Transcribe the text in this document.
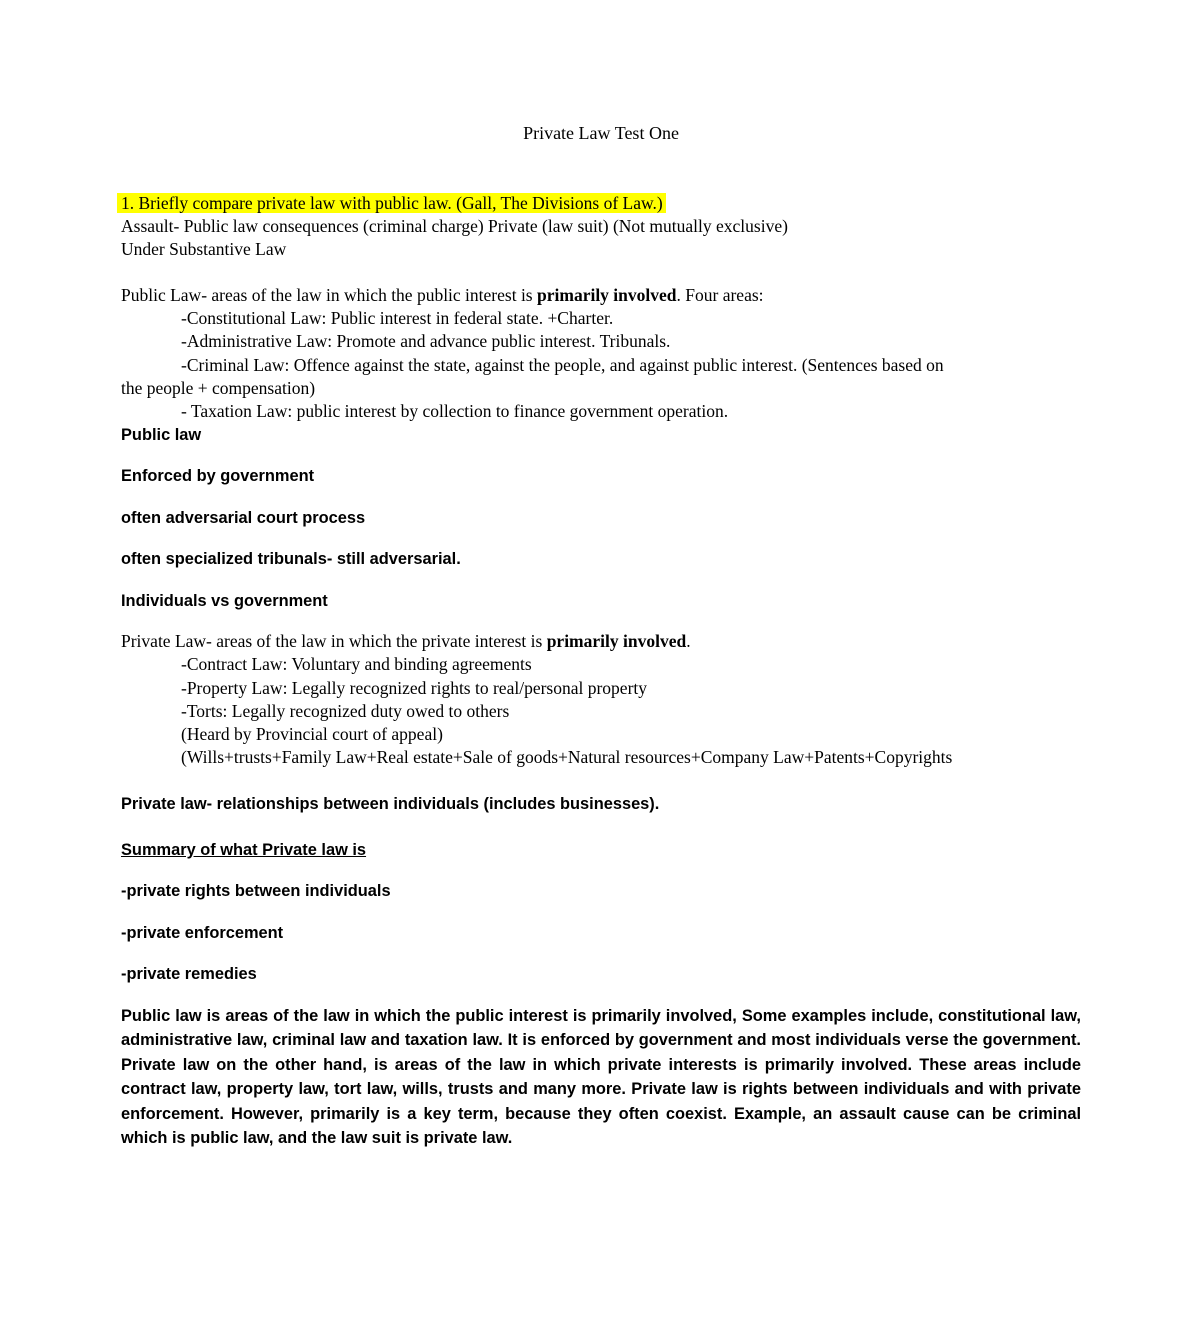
Private Law Test One
1. Briefly compare private law with public law. (Gall, The Divisions of Law.)
Assault- Public law consequences (criminal charge) Private (law suit) (Not mutually exclusive)
Under Substantive Law
Public Law- areas of the law in which the public interest is primarily involved. Four areas:
-Constitutional Law: Public interest in federal state. +Charter.
-Administrative Law: Promote and advance public interest. Tribunals.
-Criminal Law: Offence against the state, against the people, and against public interest. (Sentences based on
the people + compensation)
- Taxation Law: public interest by collection to finance government operation.
Public law
Enforced by government
often adversarial court process
often specialized tribunals- still adversarial.
Individuals vs government
Private Law- areas of the law in which the private interest is primarily involved.
-Contract Law: Voluntary and binding agreements
-Property Law: Legally recognized rights to real/personal property
-Torts: Legally recognized duty owed to others
(Heard by Provincial court of appeal)
(Wills+trusts+Family Law+Real estate+Sale of goods+Natural resources+Company Law+Patents+Copyrights
Private law- relationships between individuals (includes businesses).
Summary of what Private law is
-private rights between individuals
-private enforcement
-private remedies
Public law is areas of the law in which the public interest is primarily involved, Some examples include, constitutional law, administrative law, criminal law and taxation law. It is enforced by government and most individuals verse the government. Private law on the other hand, is areas of the law in which private interests is primarily involved. These areas include contract law, property law, tort law, wills, trusts and many more. Private law is rights between individuals and with private enforcement. However, primarily is a key term, because they often coexist. Example, an assault cause can be criminal which is public law, and the law suit is private law.
